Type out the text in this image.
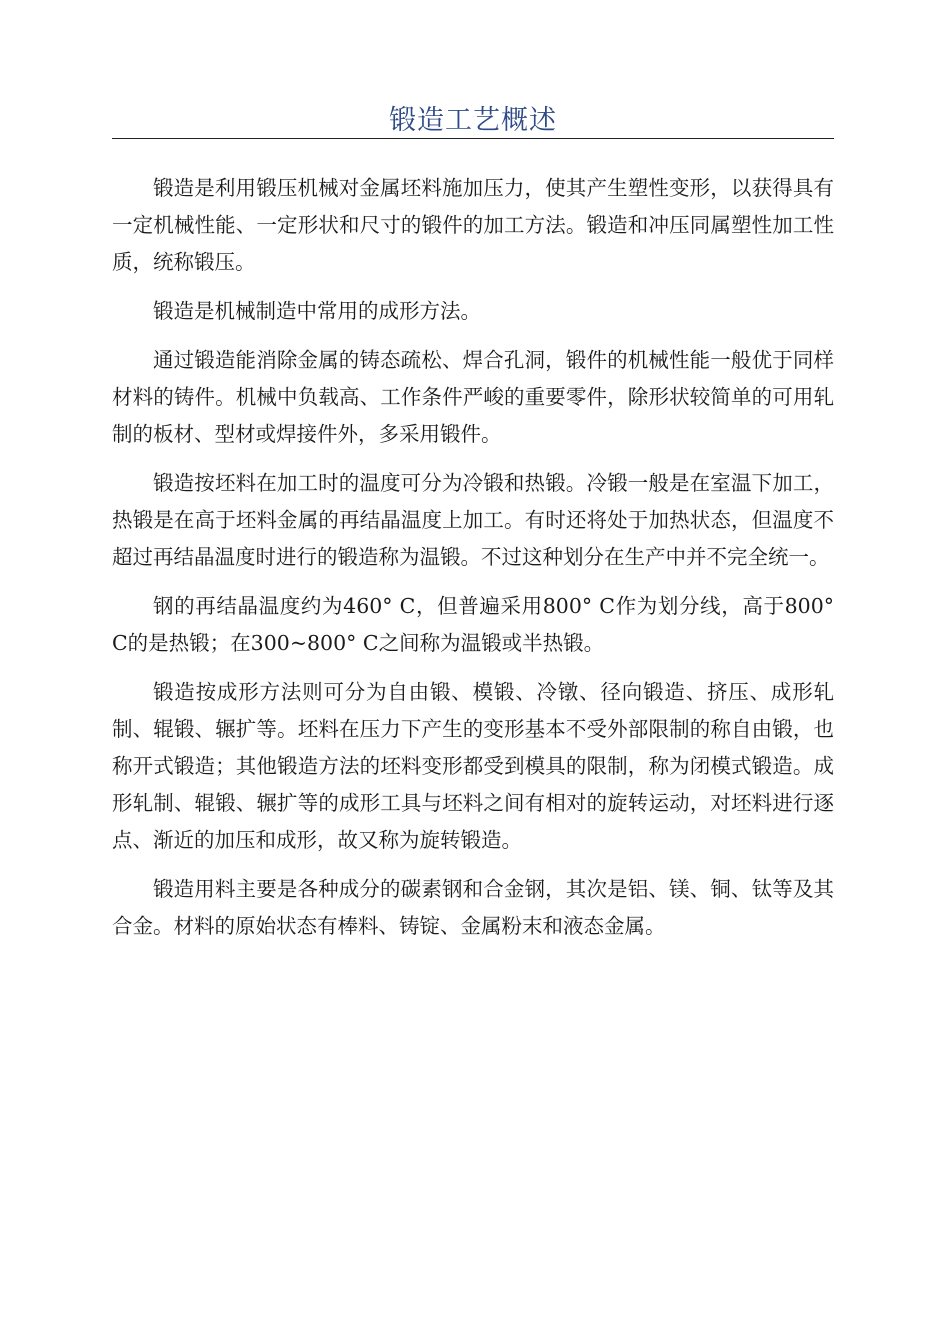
锻造工艺概述

锻造是利用锻压机械对金属坯料施加压力，使其产生塑性变形，以获得具有一定机械性能、一定形状和尺寸的锻件的加工方法。锻造和冲压同属塑性加工性质，统称锻压。

锻造是机械制造中常用的成形方法。

通过锻造能消除金属的铸态疏松、焊合孔洞，锻件的机械性能一般优于同样材料的铸件。机械中负载高、工作条件严峻的重要零件，除形状较简单的可用轧制的板材、型材或焊接件外，多采用锻件。

锻造按坯料在加工时的温度可分为冷锻和热锻。冷锻一般是在室温下加工，热锻是在高于坯料金属的再结晶温度上加工。有时还将处于加热状态，但温度不超过再结晶温度时进行的锻造称为温锻。不过这种划分在生产中并不完全统一。

钢的再结晶温度约为460° C，但普遍采用800° C作为划分线，高于800° C的是热锻；在300~800° C之间称为温锻或半热锻。

锻造按成形方法则可分为自由锻、模锻、冷镦、径向锻造、挤压、成形轧制、辊锻、辗扩等。坯料在压力下产生的变形基本不受外部限制的称自由锻，也称开式锻造；其他锻造方法的坯料变形都受到模具的限制，称为闭模式锻造。成形轧制、辊锻、辗扩等的成形工具与坯料之间有相对的旋转运动，对坯料进行逐点、渐近的加压和成形，故又称为旋转锻造。

锻造用料主要是各种成分的碳素钢和合金钢，其次是铝、镁、铜、钛等及其合金。材料的原始状态有棒料、铸锭、金属粉末和液态金属。
